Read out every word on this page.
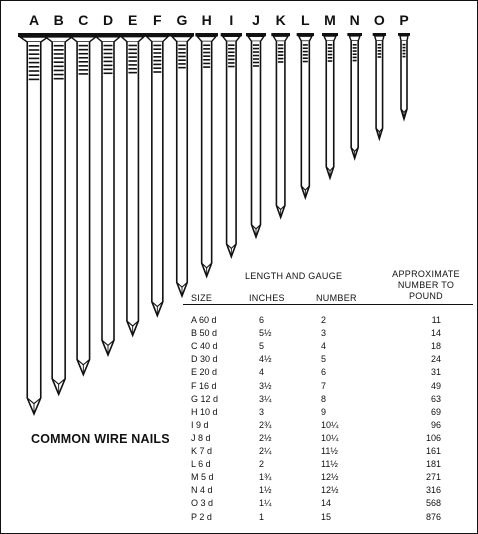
A B C D E F G H I J K L M N O P
LENGTH AND GAUGE	APPROXIMATE
NUMBER TO
POUND
SIZE	INCHES	NUMBER
A 60 d	6	2	11
B 50 d	5½	3	14
C 40 d	5	4	18
D 30 d	4½	5	24
E 20 d	4	6	31
F 16 d	3½	7	49
G 12 d	3¼	8	63
H 10 d	3	9	69
I 9 d	2¾	10¼	96
J 8 d	2½	10¼	106
K 7 d	2¼	11½	161
L 6 d	2	11½	181
M 5 d	1¾	12½	271
N 4 d	1½	12½	316
O 3 d	1¼	14	568
P 2 d	1	15	876
COMMON WIRE NAILS
